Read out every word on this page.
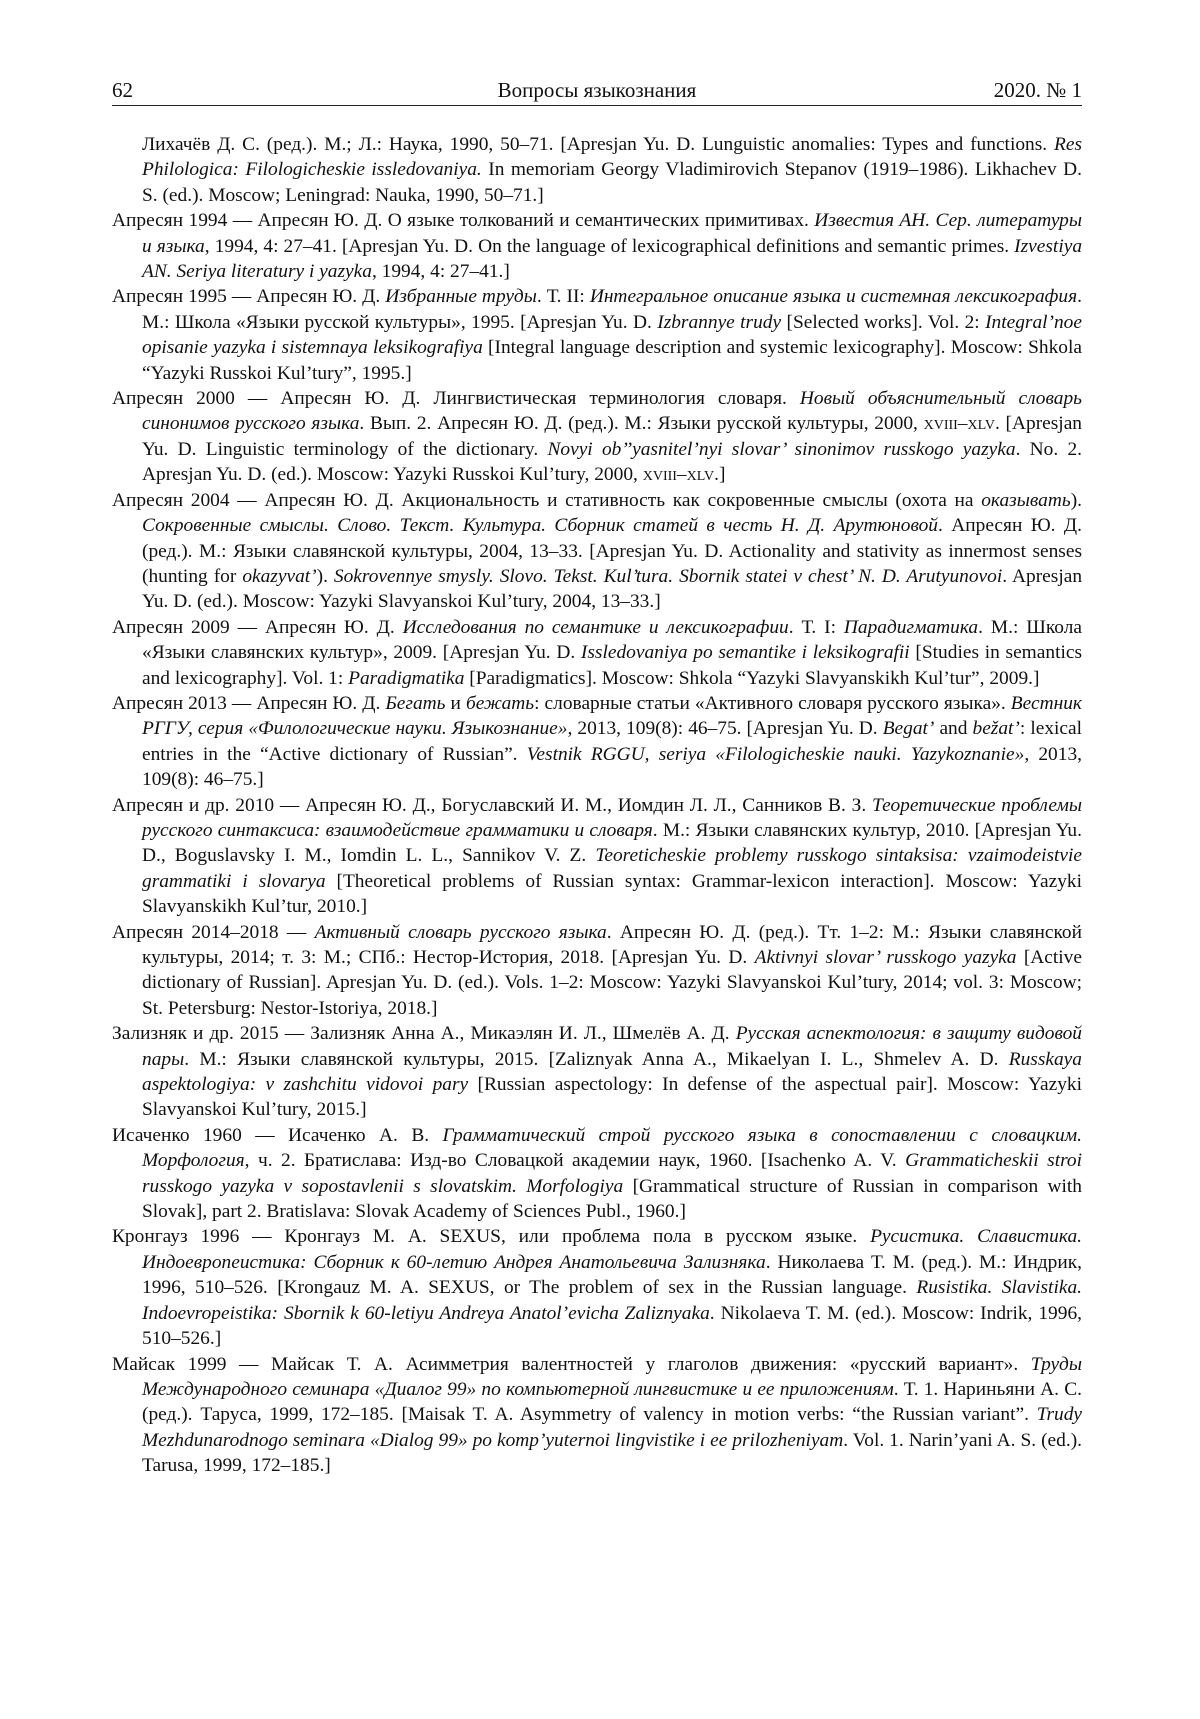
62	Вопросы языкознания	2020. № 1

Лихачёв Д. С. (ред.). М.; Л.: Наука, 1990, 50–71. [Apresjan Yu. D. Lunguistic anomalies: Types and functions. Res Philologica: Filologicheskie issledovaniya. In memoriam Georgy Vladimirovich Stepanov (1919–1986). Likhachev D. S. (ed.). Moscow; Leningrad: Nauka, 1990, 50–71.]

Апресян 1994 — Апресян Ю. Д. О языке толкований и семантических примитивах. Известия АН. Сер. литературы и языка, 1994, 4: 27–41. [Apresjan Yu. D. On the language of lexicographical definitions and semantic primes. Izvestiya AN. Seriya literatury i yazyka, 1994, 4: 27–41.]

Апресян 1995 — Апресян Ю. Д. Избранные труды. Т. II: Интегральное описание языка и системная лексикография. М.: Школа «Языки русской культуры», 1995. [Apresjan Yu. D. Izbrannye trudy [Selected works]. Vol. 2: Integral’noe opisanie yazyka i sistemnaya leksikografiya [Integral language description and systemic lexicography]. Moscow: Shkola “Yazyki Russkoi Kul’tury”, 1995.]

Апресян 2000 — Апресян Ю. Д. Лингвистическая терминология словаря. Новый объяснительный словарь синонимов русского языка. Вып. 2. Апресян Ю. Д. (ред.). М.: Языки русской культуры, 2000, xviii–xlv. [Apresjan Yu. D. Linguistic terminology of the dictionary. Novyi ob’’yasnitel’nyi slovar’ sinonimov russkogo yazyka. No. 2. Apresjan Yu. D. (ed.). Moscow: Yazyki Russkoi Kul’tury, 2000, xviii–xlv.]

Апресян 2004 — Апресян Ю. Д. Акциональность и стативность как сокровенные смыслы (охота на оказывать). Сокровенные смыслы. Слово. Текст. Культура. Сборник статей в честь Н. Д. Арутюновой. Апресян Ю. Д. (ред.). М.: Языки славянской культуры, 2004, 13–33. [Apresjan Yu. D. Actionality and stativity as innermost senses (hunting for okazyvat’). Sokrovennye smysly. Slovo. Tekst. Kul’tura. Sbornik statei v chest’ N. D. Arutyunovoi. Apresjan Yu. D. (ed.). Moscow: Yazyki Slavyanskoi Kul’tury, 2004, 13–33.]

Апресян 2009 — Апресян Ю. Д. Исследования по семантике и лексикографии. Т. I: Парадигматика. М.: Школа «Языки славянских культур», 2009. [Apresjan Yu. D. Issledovaniya po semantike i leksikografii [Studies in semantics and lexicography]. Vol. 1: Paradigmatika [Paradigmatics]. Moscow: Shkola “Yazyki Slavyanskikh Kul’tur”, 2009.]

Апресян 2013 — Апресян Ю. Д. Бегать и бежать: словарные статьи «Активного словаря русского языка». Вестник РГГУ, серия «Филологические науки. Языкознание», 2013, 109(8): 46–75. [Apresjan Yu. D. Begat’ and bežat’: lexical entries in the “Active dictionary of Russian”. Vestnik RGGU, seriya «Filologicheskie nauki. Yazykoznanie», 2013, 109(8): 46–75.]

Апресян и др. 2010 — Апресян Ю. Д., Богуславский И. М., Иомдин Л. Л., Санников В. З. Теоретические проблемы русского синтаксиса: взаимодействие грамматики и словаря. М.: Языки славянских культур, 2010. [Apresjan Yu. D., Boguslavsky I. M., Iomdin L. L., Sannikov V. Z. Teoreticheskie problemy russkogo sintaksisa: vzaimodeistvie grammatiki i slovarya [Theoretical problems of Russian syntax: Grammar-lexicon interaction]. Moscow: Yazyki Slavyanskikh Kul’tur, 2010.]

Апресян 2014–2018 — Активный словарь русского языка. Апресян Ю. Д. (ред.). Тт. 1–2: М.: Языки славянской культуры, 2014; т. 3: М.; СПб.: Нестор-История, 2018. [Apresjan Yu. D. Aktivnyi slovar’ russkogo yazyka [Active dictionary of Russian]. Apresjan Yu. D. (ed.). Vols. 1–2: Moscow: Yazyki Slavyanskoi Kul’tury, 2014; vol. 3: Moscow; St. Petersburg: Nestor-Istoriya, 2018.]

Зализняк и др. 2015 — Зализняк Анна А., Микаэлян И. Л., Шмелёв А. Д. Русская аспектология: в защиту видовой пары. М.: Языки славянской культуры, 2015. [Zaliznyak Anna A., Mikaelyan I. L., Shmelev A. D. Russkaya aspektologiya: v zashchitu vidovoi pary [Russian aspectology: In defense of the aspectual pair]. Moscow: Yazyki Slavyanskoi Kul’tury, 2015.]

Исаченко 1960 — Исаченко А. В. Грамматический строй русского языка в сопоставлении с словацким. Морфология, ч. 2. Братислава: Изд-во Словацкой академии наук, 1960. [Isachenko A. V. Grammaticheskii stroi russkogo yazyka v sopostavlenii s slovatskim. Morfologiya [Grammatical structure of Russian in comparison with Slovak], part 2. Bratislava: Slovak Academy of Sciences Publ., 1960.]

Кронгауз 1996 — Кронгауз М. А. SEXUS, или проблема пола в русском языке. Русистика. Славистика. Индоевропеистика: Сборник к 60-летию Андрея Анатольевича Зализняка. Николаева Т. М. (ред.). М.: Индрик, 1996, 510–526. [Krongauz M. A. SEXUS, or The problem of sex in the Russian language. Rusistika. Slavistika. Indoevropeistika: Sbornik k 60-letiyu Andreya Anatol’evicha Zaliznyaka. Nikolaeva T. M. (ed.). Moscow: Indrik, 1996, 510–526.]

Майсак 1999 — Майсак Т. А. Асимметрия валентностей у глаголов движения: «русский вариант». Труды Международного семинара «Диалог 99» по компьютерной лингвистике и ее приложениям. Т. 1. Нариньяни А. С. (ред.). Таруса, 1999, 172–185. [Maisak T. A. Asymmetry of valency in motion verbs: “the Russian variant”. Trudy Mezhdunarodnogo seminara «Dialog 99» po komp’yuternoi lingvistike i ee prilozheniyam. Vol. 1. Narin’yani A. S. (ed.). Tarusa, 1999, 172–185.]
